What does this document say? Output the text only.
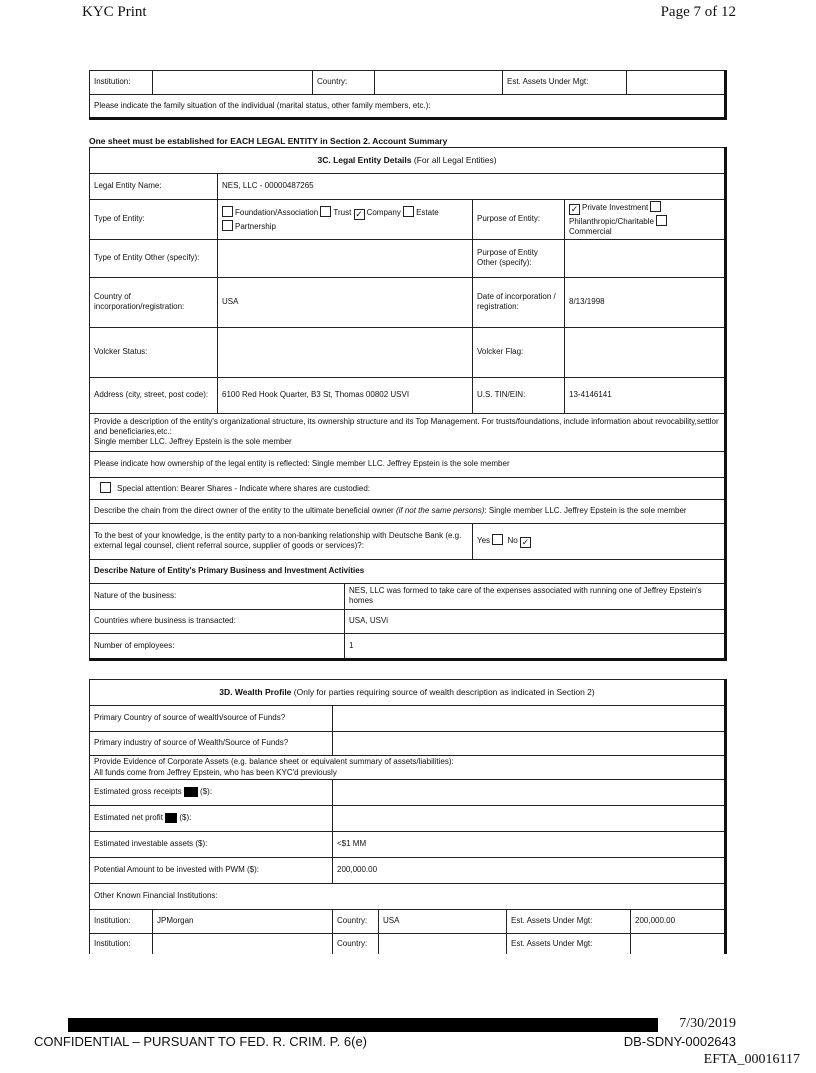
KYC Print	Page 7 of 12
Institution:		Country:		Est. Assets Under Mgt:	
Please indicate the family situation of the individual (marital status, other family members, etc.):
One sheet must be established for EACH LEGAL ENTITY in Section 2. Account Summary
3C. Legal Entity Details (For all Legal Entities)				
Legal Entity Name:	NES, LLC - 00000487265			
Type of Entity:	Foundation/Association Trust ✓ Company Estate
Partnership		Purpose of Entity:	✓ Private Investment
Philanthropic/Charitable
Commercial
Type of Entity Other (specify):			Purpose of Entity Other (specify):	
Country of incorporation/registration:	USA		Date of incorporation / registration:	8/13/1998
Volcker Status:			Volcker Flag:	
Address (city, street, post code):	6100 Red Hook Quarter, B3 St, Thomas 00802 USVI		U.S. TIN/EIN:	13-4146141
Provide a description of the entity's organizational structure, its ownership structure and its Top Management. For trusts/foundations, include information about revocability,settlor and beneficiaries,etc.:
Single member LLC. Jeffrey Epstein is the sole member				
Please indicate how ownership of the legal entity is reflected: Single member LLC. Jeffrey Epstein is the sole member				
Special attention: Bearer Shares - Indicate where shares are custodied:				
Describe the chain from the direct owner of the entity to the ultimate beneficial owner (if not the same persons): Single member LLC. Jeffrey Epstein is the sole member				
To the best of your knowledge, is the entity party to a non-banking relationship with Deutsche Bank (e.g. external legal counsel, client referral source, supplier of goods or services)?:			Yes No ✓	
Describe Nature of Entity's Primary Business and Investment Activities				
Nature of the business:		NES, LLC was formed to take care of the expenses associated with running one of Jeffrey Epstein's homes		
Countries where business is transacted:		USA, USVi		
Number of employees:		1		
3D. Wealth Profile (Only for parties requiring source of wealth description as indicated in Section 2)					
Primary Country of source of wealth/source of Funds?					
Primary industry of source of Wealth/Source of Funds?					
Provide Evidence of Corporate Assets (e.g. balance sheet or equivalent summary of assets/liabilities):
All funds come from Jeffrey Epstein, who has been KYC'd previously					
Estimated gross receipts  ($):					
Estimated net profit  ($):					
Estimated investable assets ($):		<$1 MM			
Potential Amount to be invested with PWM ($):		200,000.00			
Other Known Financial Institutions:					
Institution:	JPMorgan	Country:	USA	Est. Assets Under Mgt:	200,000.00
Institution:		Country:		Est. Assets Under Mgt:	
CONFIDENTIAL – PURSUANT TO FED. R. CRIM. P. 6(e)
7/30/2019
DB-SDNY-0002643
EFTA_00016117
